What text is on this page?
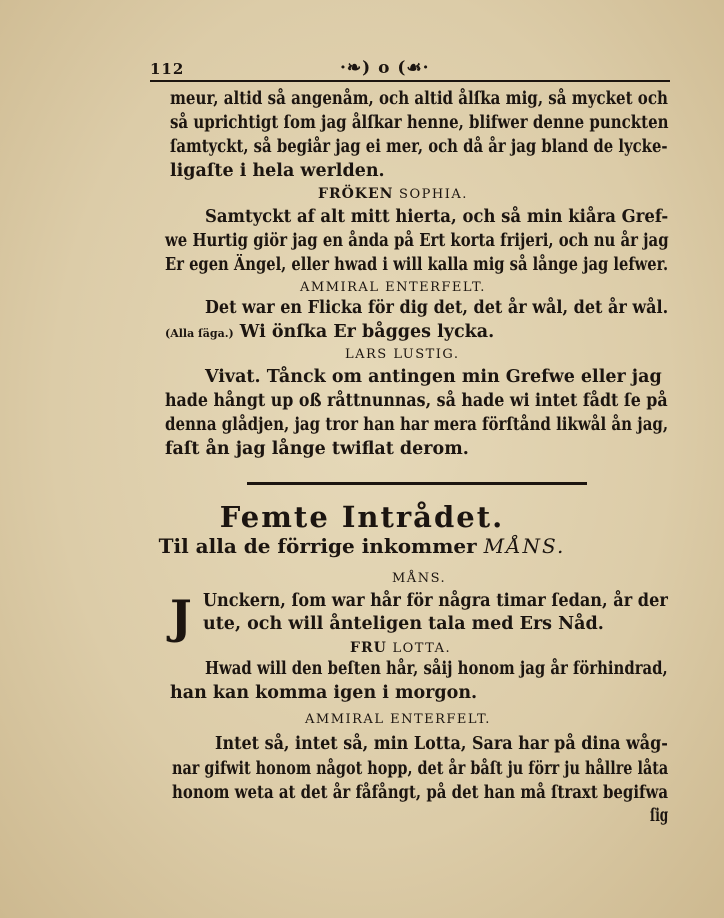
112	·❧) o (☙·
meur, altid så angenåm, och altid ålſka mig, så mycket och
så uprichtigt ſom jag ålſkar henne, blifwer denne punckten
ſamtyckt, så begiår jag ei mer, och då år jag bland de lycke-
ligaſte i hela werlden.
FRÖKEN SOPHIA.
Samtyckt af alt mitt hierta, och så min kiåra Gref-
we Hurtig giör jag en ånda på Ert korta frijeri, och nu år jag
Er egen Ängel, eller hwad i will kalla mig så långe jag lefwer.
AMMIRAL ENTERFELT.
Det war en Flicka för dig det, det år wål, det år wål.
(Alla ſäga.) Wi önſka Er bågges lycka.
LARS LUSTIG.
Vivat. Tånck om antingen min Grefwe eller jag
hade hångt up oß råttnunnas, så hade wi intet fådt ſe på
denna glådjen, jag tror han har mera förſtånd likwål ån jag,
faſt ån jag långe twiflat derom.
Femte Intrådet.
Til alla de förrige inkommer MÅNS.
MÅNS.
J Unckern, ſom war hår för några timar ſedan, år der
ute, och will ånteligen tala med Ers Nåd.
FRU LOTTA.
Hwad will den beſten hår, såij honom jag år förhindrad,
han kan komma igen i morgon.
AMMIRAL ENTERFELT.
Intet så, intet så, min Lotta, Sara har på dina wåg-
nar gifwit honom något hopp, det år båſt ju förr ju hållre låta
honom weta at det år fåfångt, på det han må ſtraxt begifwa
ſig
